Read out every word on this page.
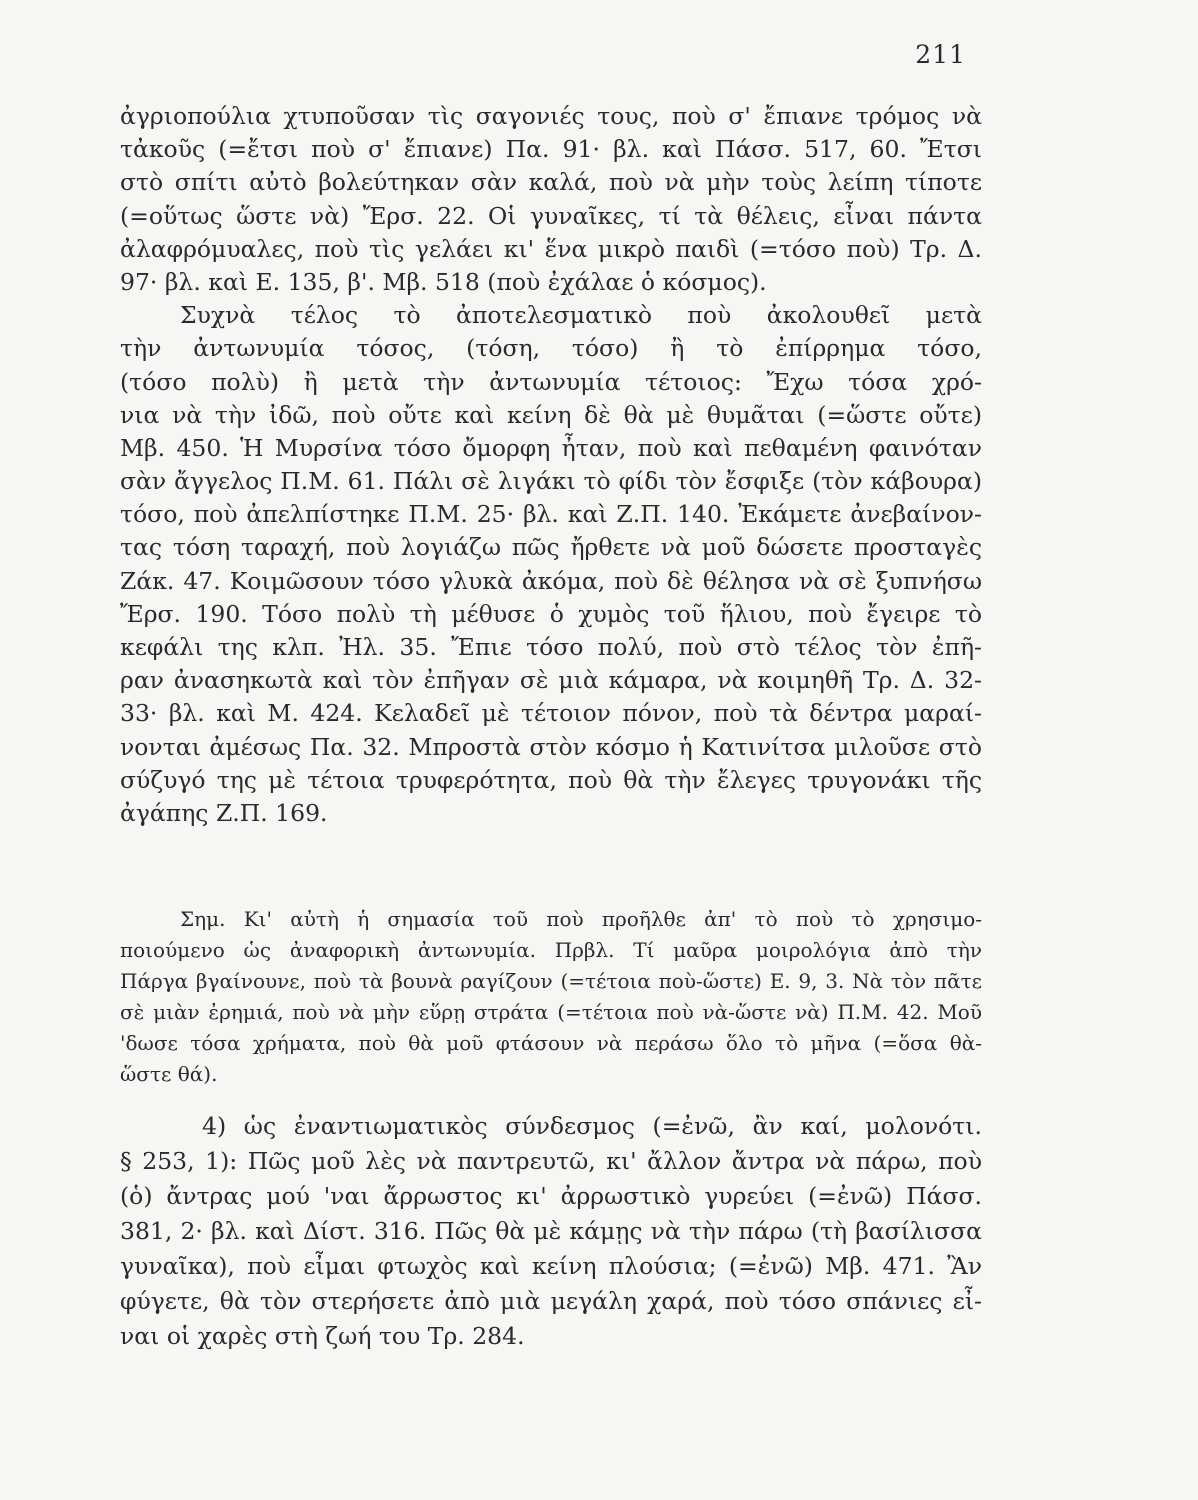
211

ἀγριοπούλια χτυποῦσαν τὶς σαγονιές τους, ποὺ σ' ἔπιανε τρόμος νὰ

τἀκοῦς (=ἔτσι ποὺ σ' ἔπιανε) Πα. 91· βλ. καὶ Πάσσ. 517, 60. Ἔτσι

στὸ σπίτι αὐτὸ βολεύτηκαν σὰν καλά, ποὺ νὰ μὴν τοὺς λείπη τίποτε

(=οὕτως ὥστε νὰ) Ἔρσ. 22. Οἱ γυναῖκες, τί τὰ θέλεις, εἶναι πάντα

ἀλαφρόμυαλες, ποὺ τὶς γελάει κι' ἕνα μικρὸ παιδὶ (=τόσο ποὺ) Τρ. Δ.

97· βλ. καὶ Ε. 135, β'. Μβ. 518 (ποὺ ἐχάλαε ὁ κόσμος).

Συχνὰ τέλος τὸ ἀποτελεσματικὸ ποὺ ἀκολουθεῖ μετὰ

τὴν ἀντωνυμία τόσος, (τόση, τόσο) ἢ τὸ ἐπίρρημα τόσο,

(τόσο πολὺ) ἢ μετὰ τὴν ἀντωνυμία τέτοιος: Ἔχω τόσα χρό-

νια νὰ τὴν ἰδῶ, ποὺ οὔτε καὶ κείνη δὲ θὰ μὲ θυμᾶται (=ὥστε οὔτε)

Μβ. 450. Ἡ Μυρσίνα τόσο ὄμορφη ἦταν, ποὺ καὶ πεθαμένη φαινόταν

σὰν ἄγγελος Π.Μ. 61. Πάλι σὲ λιγάκι τὸ φίδι τὸν ἔσφιξε (τὸν κάβουρα)

τόσο, ποὺ ἀπελπίστηκε Π.Μ. 25· βλ. καὶ Ζ.Π. 140. Ἐκάμετε ἀνεβαίνον-

τας τόση ταραχή, ποὺ λογιάζω πῶς ἤρθετε νὰ μοῦ δώσετε προσταγὲς

Ζάκ. 47. Κοιμῶσουν τόσο γλυκὰ ἀκόμα, ποὺ δὲ θέλησα νὰ σὲ ξυπνήσω

Ἔρσ. 190. Τόσο πολὺ τὴ μέθυσε ὁ χυμὸς τοῦ ἥλιου, ποὺ ἔγειρε τὸ

κεφάλι της κλπ. Ἠλ. 35. Ἔπιε τόσο πολύ, ποὺ στὸ τέλος τὸν ἐπῆ-

ραν ἀνασηκωτὰ καὶ τὸν ἐπῆγαν σὲ μιὰ κάμαρα, νὰ κοιμηθῆ Τρ. Δ. 32-

33· βλ. καὶ Μ. 424. Κελαδεῖ μὲ τέτοιον πόνον, ποὺ τὰ δέντρα μαραί-

νονται ἀμέσως Πα. 32. Μπροστὰ στὸν κόσμο ἡ Κατινίτσα μιλοῦσε στὸ

σύζυγό της μὲ τέτοια τρυφερότητα, ποὺ θὰ τὴν ἔλεγες τρυγονάκι τῆς

ἀγάπης Ζ.Π. 169.

Σημ. Κι' αὐτὴ ἡ σημασία τοῦ ποὺ προῆλθε ἀπ' τὸ ποὺ τὸ χρησιμο-

ποιούμενο ὡς ἀναφορικὴ ἀντωνυμία. Πρβλ. Τί μαῦρα μοιρολόγια ἀπὸ τὴν

Πάργα βγαίνουνε, ποὺ τὰ βουνὰ ραγίζουν (=τέτοια ποὺ-ὥστε) Ε. 9, 3. Νὰ τὸν πᾶτε

σὲ μιὰν ἐρημιά, ποὺ νὰ μὴν εὕρῃ στράτα (=τέτοια ποὺ νὰ-ὥστε νὰ) Π.Μ. 42. Μοῦ

'δωσε τόσα χρήματα, ποὺ θὰ μοῦ φτάσουν νὰ περάσω ὅλο τὸ μῆνα (=ὅσα θὰ-

ὥστε θά).

4) ὡς ἐναντιωματικὸς σύνδεσμος (=ἐνῶ, ἂν καί, μολονότι.

§ 253, 1): Πῶς μοῦ λὲς νὰ παντρευτῶ, κι' ἄλλον ἄντρα νὰ πάρω, ποὺ

(ὁ) ἄντρας μού 'ναι ἄρρωστος κι' ἀρρωστικὸ γυρεύει (=ἐνῶ) Πάσσ.

381, 2· βλ. καὶ Δίστ. 316. Πῶς θὰ μὲ κάμῃς νὰ τὴν πάρω (τὴ βασίλισσα

γυναῖκα), ποὺ εἶμαι φτωχὸς καὶ κείνη πλούσια; (=ἐνῶ) Μβ. 471. Ἂν

φύγετε, θὰ τὸν στερήσετε ἀπὸ μιὰ μεγάλη χαρά, ποὺ τόσο σπάνιες εἶ-

ναι οἱ χαρὲς στὴ ζωή του Τρ. 284.
